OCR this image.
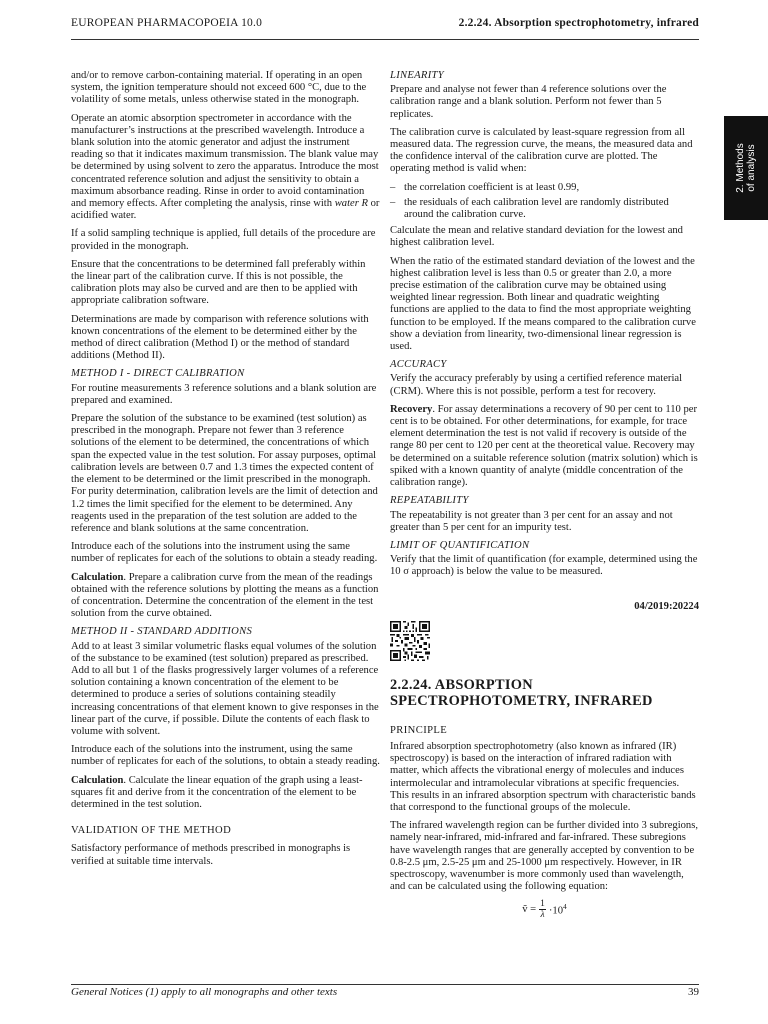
EUROPEAN PHARMACOPOEIA 10.0	2.2.24. Absorption spectrophotometry, infrared
2. Methods of analysis

and/or to remove carbon-containing material. If operating in an open system, the ignition temperature should not exceed 600 °C, due to the volatility of some metals, unless otherwise stated in the monograph.

Operate an atomic absorption spectrometer in accordance with the manufacturer’s instructions at the prescribed wavelength. Introduce a blank solution into the atomic generator and adjust the instrument reading so that it indicates maximum transmission. The blank value may be determined by using solvent to zero the apparatus. Introduce the most concentrated reference solution and adjust the sensitivity to obtain a maximum absorbance reading. Rinse in order to avoid contamination and memory effects. After completing the analysis, rinse with water R or acidified water.

If a solid sampling technique is applied, full details of the procedure are provided in the monograph.

Ensure that the concentrations to be determined fall preferably within the linear part of the calibration curve. If this is not possible, the calibration plots may also be curved and are then to be applied with appropriate calibration software.

Determinations are made by comparison with reference solutions with known concentrations of the element to be determined either by the method of direct calibration (Method I) or the method of standard additions (Method II).

METHOD I - DIRECT CALIBRATION

For routine measurements 3 reference solutions and a blank solution are prepared and examined.

Prepare the solution of the substance to be examined (test solution) as prescribed in the monograph. Prepare not fewer than 3 reference solutions of the element to be determined, the concentrations of which span the expected value in the test solution. For assay purposes, optimal calibration levels are between 0.7 and 1.3 times the expected content of the element to be determined or the limit prescribed in the monograph. For purity determination, calibration levels are the limit of detection and 1.2 times the limit specified for the element to be determined. Any reagents used in the preparation of the test solution are added to the reference and blank solutions at the same concentration.

Introduce each of the solutions into the instrument using the same number of replicates for each of the solutions to obtain a steady reading.

Calculation. Prepare a calibration curve from the mean of the readings obtained with the reference solutions by plotting the means as a function of concentration. Determine the concentration of the element in the test solution from the curve obtained.

METHOD II - STANDARD ADDITIONS

Add to at least 3 similar volumetric flasks equal volumes of the solution of the substance to be examined (test solution) prepared as prescribed. Add to all but 1 of the flasks progressively larger volumes of a reference solution containing a known concentration of the element to be determined to produce a series of solutions containing steadily increasing concentrations of that element known to give responses in the linear part of the curve, if possible. Dilute the contents of each flask to volume with solvent.

Introduce each of the solutions into the instrument, using the same number of replicates for each of the solutions, to obtain a steady reading.

Calculation. Calculate the linear equation of the graph using a least-squares fit and derive from it the concentration of the element to be determined in the test solution.

VALIDATION OF THE METHOD

Satisfactory performance of methods prescribed in monographs is verified at suitable time intervals.

LINEARITY

Prepare and analyse not fewer than 4 reference solutions over the calibration range and a blank solution. Perform not fewer than 5 replicates.

The calibration curve is calculated by least-square regression from all measured data. The regression curve, the means, the measured data and the confidence interval of the calibration curve are plotted. The operating method is valid when:

– the correlation coefficient is at least 0.99,
– the residuals of each calibration level are randomly distributed around the calibration curve.

Calculate the mean and relative standard deviation for the lowest and highest calibration level.

When the ratio of the estimated standard deviation of the lowest and the highest calibration level is less than 0.5 or greater than 2.0, a more precise estimation of the calibration curve may be obtained using weighted linear regression. Both linear and quadratic weighting functions are applied to the data to find the most appropriate weighting function to be employed. If the means compared to the calibration curve show a deviation from linearity, two-dimensional linear regression is used.

ACCURACY

Verify the accuracy preferably by using a certified reference material (CRM). Where this is not possible, perform a test for recovery.

Recovery. For assay determinations a recovery of 90 per cent to 110 per cent is to be obtained. For other determinations, for example, for trace element determination the test is not valid if recovery is outside of the range 80 per cent to 120 per cent at the theoretical value. Recovery may be determined on a suitable reference solution (matrix solution) which is spiked with a known quantity of analyte (middle concentration of the calibration range).

REPEATABILITY

The repeatability is not greater than 3 per cent for an assay and not greater than 5 per cent for an impurity test.

LIMIT OF QUANTIFICATION

Verify that the limit of quantification (for example, determined using the 10 σ approach) is below the value to be measured.

04/2019:20224
2.2.24. ABSORPTION SPECTROPHOTOMETRY, INFRARED
PRINCIPLE

Infrared absorption spectrophotometry (also known as infrared (IR) spectroscopy) is based on the interaction of infrared radiation with matter, which affects the vibrational energy of molecules and induces intermolecular and intramolecular vibrations at specific frequencies. This results in an infrared absorption spectrum with characteristic bands that correspond to the functional groups of the molecule.

The infrared wavelength region can be further divided into 3 subregions, namely near-infrared, mid-infrared and far-infrared. These subregions have wavelength ranges that are generally accepted by convention to be 0.8-2.5 μm, 2.5-25 μm and 25-1000 μm respectively. However, in IR spectroscopy, wavenumber is more commonly used than wavelength, and can be calculated using the following equation:

ṽ = $\frac{1}{\lambda} \cdot 10^4$
General Notices (1) apply to all monographs and other texts	39
